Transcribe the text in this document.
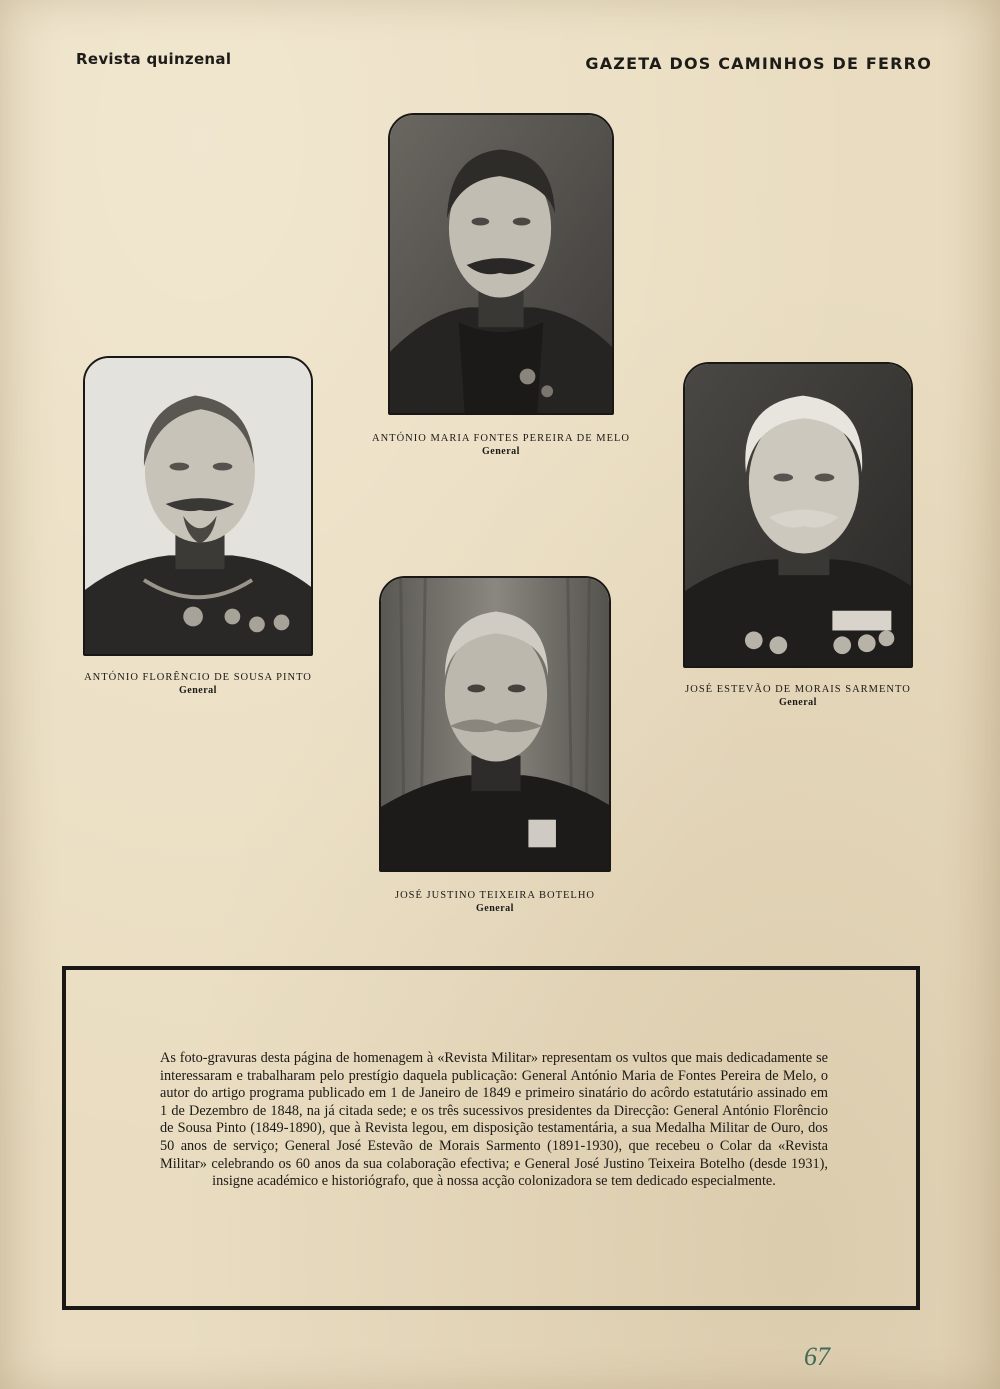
Revista quinzenal	GAZETA DOS CAMINHOS DE FERRO
ANTÓNIO MARIA FONTES PEREIRA DE MELO
General
ANTÓNIO FLORÊNCIO DE SOUSA PINTO
General	JOSÉ ESTEVÃO DE MORAIS SARMENTO
General
JOSÉ JUSTINO TEIXEIRA BOTELHO
General

As foto-gravuras desta página de homenagem à «Revista Militar» representam os vultos que mais dedicadamente se interessaram e trabalharam pelo prestígio daquela publicação: General António Maria de Fontes Pereira de Melo, o autor do artigo programa publicado em 1 de Janeiro de 1849 e primeiro sinatário do acôrdo estatutário assinado em 1 de Dezembro de 1848, na já citada sede; e os três sucessivos presidentes da Direcção: General António Florêncio de Sousa Pinto (1849-1890), que à Revista legou, em disposição testamentária, a sua Medalha Militar de Ouro, dos 50 anos de serviço; General José Estevão de Morais Sarmento (1891-1930), que recebeu o Colar da «Revista Militar» celebrando os 60 anos da sua colaboração efectiva; e General José Justino Teixeira Botelho (desde 1931), insigne académico e historiógrafo, que à nossa acção colonizadora se tem dedicado especialmente.

67
